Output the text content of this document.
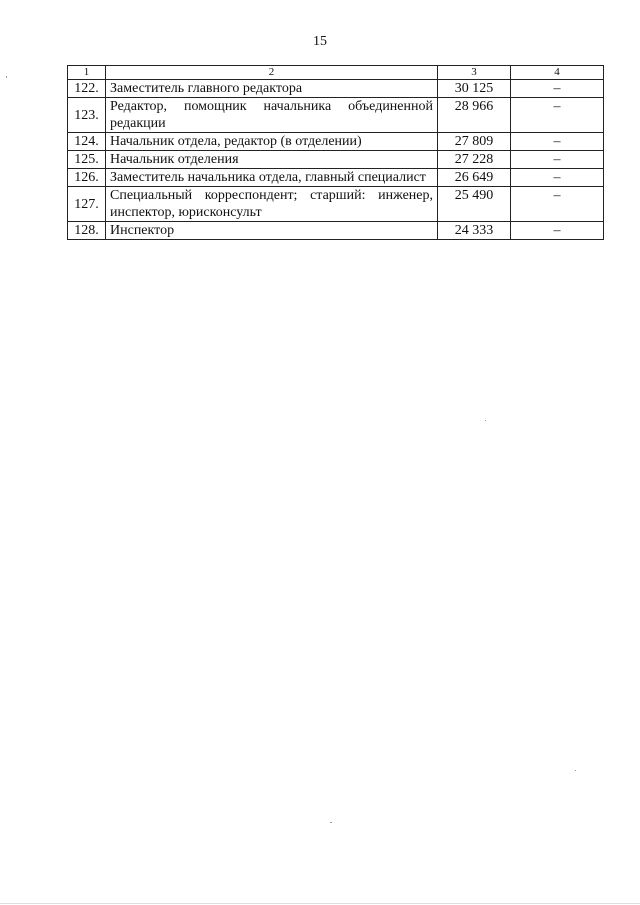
15
1	2	3	4
122.	Заместитель главного редактора	30 125	–
123.	Редактор, помощник начальника объединенной редакции	28 966	–
124.	Начальник отдела, редактор (в отделении)	27 809	–
125.	Начальник отделения	27 228	–
126.	Заместитель начальника отдела, главный специалист	26 649	–
127.	Специальный корреспондент; старший: инженер, инспектор, юрисконсульт	25 490	–
128.	Инспектор	24 333	–
